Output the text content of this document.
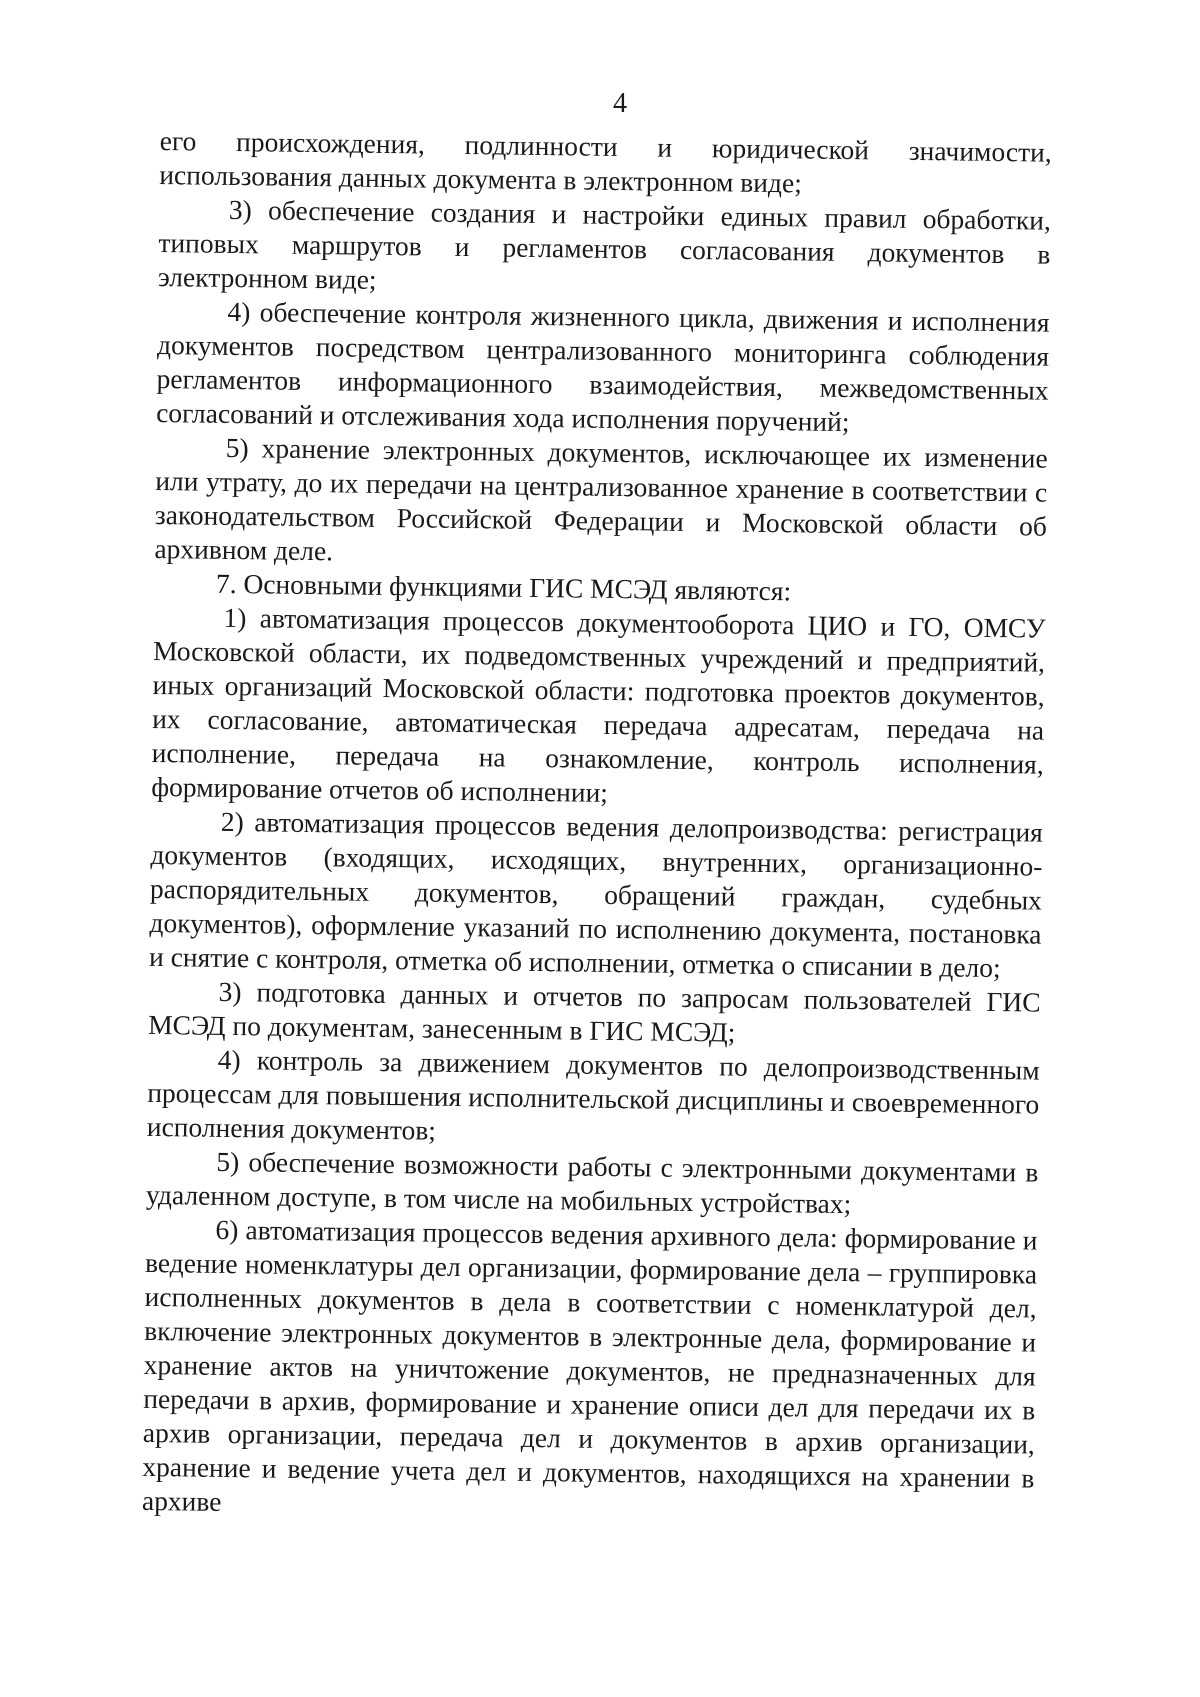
4

его происхождения, подлинности и юридической значимости, использования данных документа в электронном виде;

3) обеспечение создания и настройки единых правил обработки, типовых маршрутов и регламентов согласования документов в электронном виде;

4) обеспечение контроля жизненного цикла, движения и исполнения документов посредством централизованного мониторинга соблюдения регламентов информационного взаимодействия, межведомственных согласований и отслеживания хода исполнения поручений;

5) хранение электронных документов, исключающее их изменение или утрату, до их передачи на централизованное хранение в соответствии с законодательством Российской Федерации и Московской области об архивном деле.

7. Основными функциями ГИС МСЭД являются:

1) автоматизация процессов документооборота ЦИО и ГО, ОМСУ Московской области, их подведомственных учреждений и предприятий, иных организаций Московской области: подготовка проектов документов, их согласование, автоматическая передача адресатам, передача на исполнение, передача на ознакомление, контроль исполнения, формирование отчетов об исполнении;

2) автоматизация процессов ведения делопроизводства: регистрация документов (входящих, исходящих, внутренних, организационно-распорядительных документов, обращений граждан, судебных документов), оформление указаний по исполнению документа, постановка и снятие с контроля, отметка об исполнении, отметка о списании в дело;

3) подготовка данных и отчетов по запросам пользователей ГИС МСЭД по документам, занесенным в ГИС МСЭД;

4) контроль за движением документов по делопроизводственным процессам для повышения исполнительской дисциплины и своевременного исполнения документов;

5) обеспечение возможности работы с электронными документами в удаленном доступе, в том числе на мобильных устройствах;

6) автоматизация процессов ведения архивного дела: формирование и ведение номенклатуры дел организации, формирование дела – группировка исполненных документов в дела в соответствии с номенклатурой дел, включение электронных документов в электронные дела, формирование и хранение актов на уничтожение документов, не предназначенных для передачи в архив, формирование и хранение описи дел для передачи их в архив организации, передача дел и документов в архив организации, хранение и ведение учета дел и документов, находящихся на хранении в архиве
